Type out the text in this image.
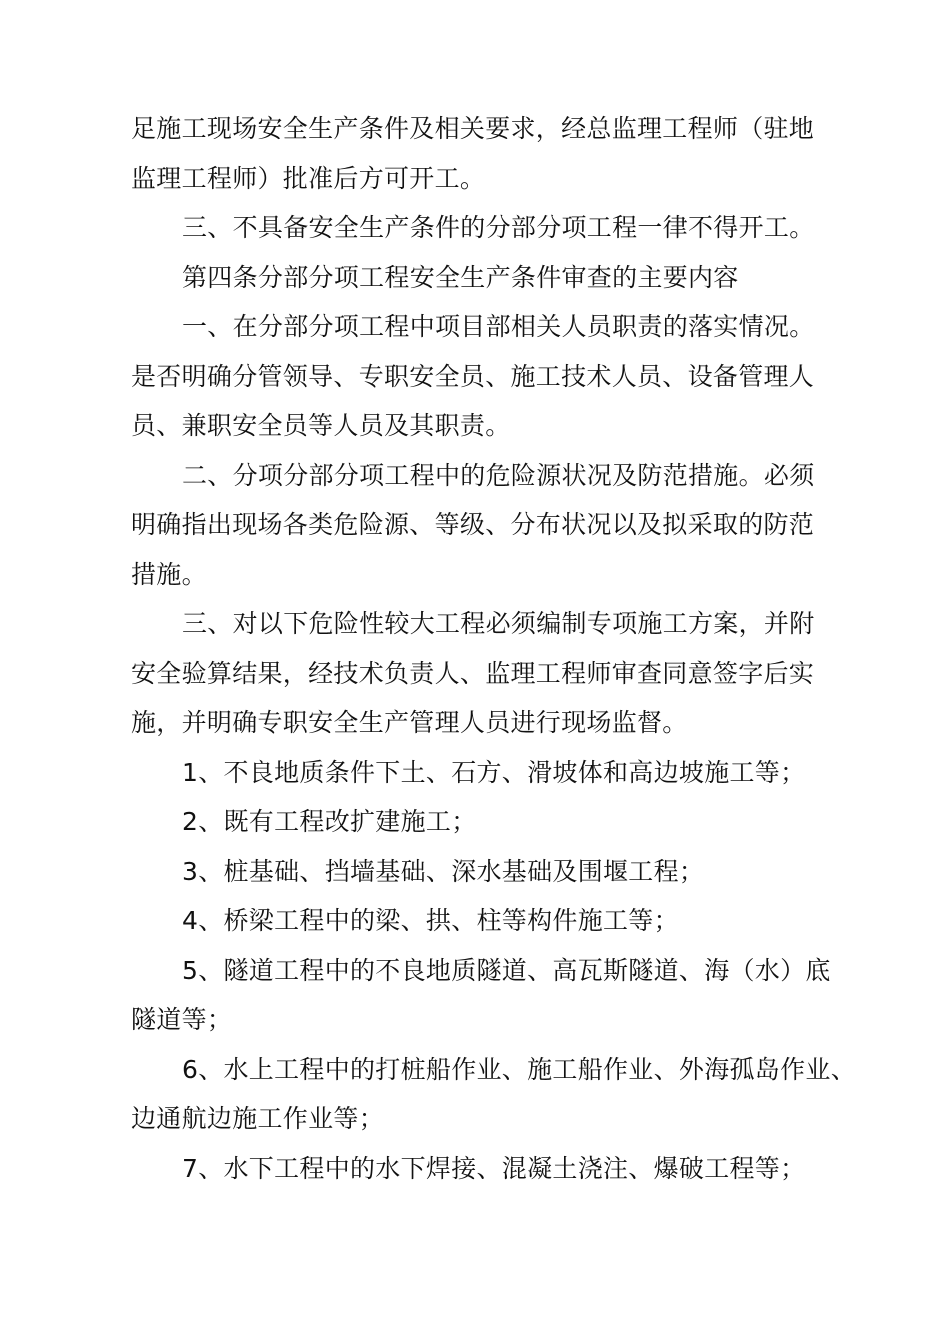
足施工现场安全生产条件及相关要求，经总监理工程师（驻地
监理工程师）批准后方可开工。
三、不具备安全生产条件的分部分项工程一律不得开工。
第四条分部分项工程安全生产条件审查的主要内容
一、在分部分项工程中项目部相关人员职责的落实情况。
是否明确分管领导、专职安全员、施工技术人员、设备管理人
员、兼职安全员等人员及其职责。
二、分项分部分项工程中的危险源状况及防范措施。必须
明确指出现场各类危险源、等级、分布状况以及拟采取的防范
措施。
三、对以下危险性较大工程必须编制专项施工方案，并附
安全验算结果，经技术负责人、监理工程师审查同意签字后实
施，并明确专职安全生产管理人员进行现场监督。
1、不良地质条件下土、石方、滑坡体和高边坡施工等；
2、既有工程改扩建施工；
3、桩基础、挡墙基础、深水基础及围堰工程；
4、桥梁工程中的梁、拱、柱等构件施工等；
5、隧道工程中的不良地质隧道、高瓦斯隧道、海（水）底
隧道等；
6、水上工程中的打桩船作业、施工船作业、外海孤岛作业、
边通航边施工作业等；
7、水下工程中的水下焊接、混凝土浇注、爆破工程等；
